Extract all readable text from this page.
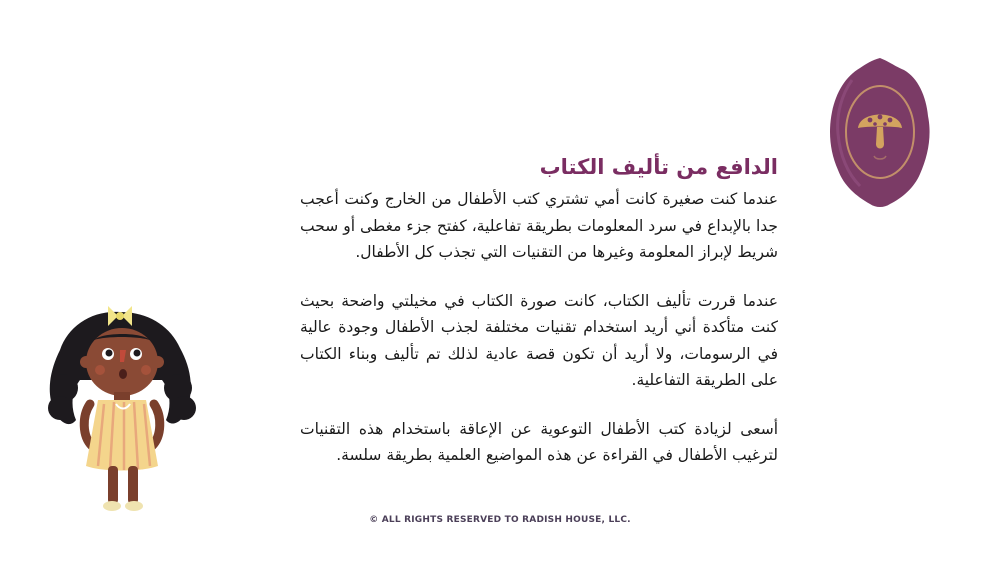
الدافع من تأليف الكتاب

عندما كنت صغيرة كانت أمي تشتري كتب الأطفال من الخارج وكنت أعجب جدا بالإبداع في سرد المعلومات بطريقة تفاعلية، كفتح جزء مغطى أو سحب شريط لإبراز المعلومة وغيرها من التقنيات التي تجذب كل الأطفال.

عندما قررت تأليف الكتاب، كانت صورة الكتاب في مخيلتي واضحة بحيث كنت متأكدة أني أريد استخدام تقنيات مختلفة لجذب الأطفال وجودة عالية في الرسومات، ولا أريد أن تكون قصة عادية لذلك تم تأليف وبناء الكتاب على الطريقة التفاعلية.

أسعى لزيادة كتب الأطفال التوعوية عن الإعاقة باستخدام هذه التقنيات لترغيب الأطفال في القراءة عن هذه المواضيع العلمية بطريقة سلسة.

© ALL RIGHTS RESERVED TO RADISH HOUSE, LLC.
